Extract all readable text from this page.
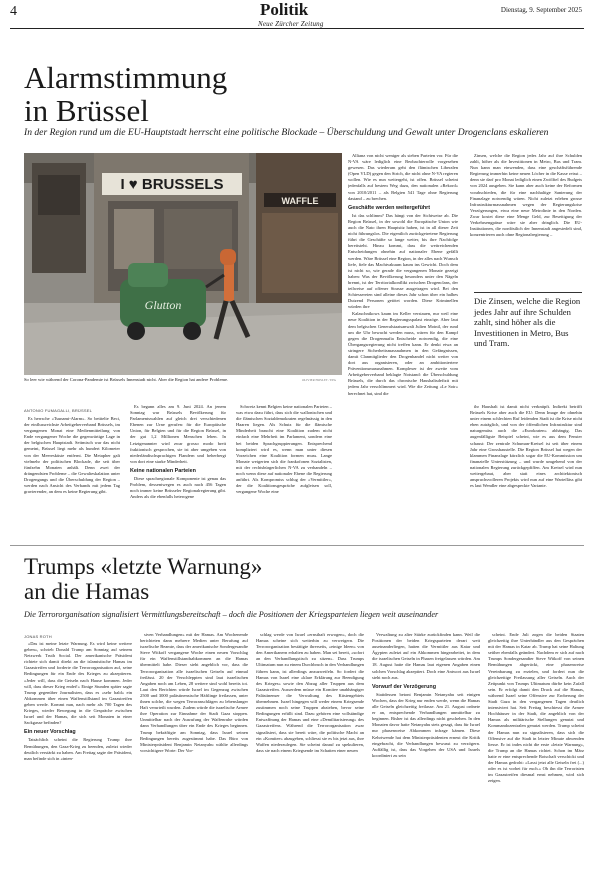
4	Politik
Neue Zürcher Zeitung
Dienstag, 9. September 2025
Alarmstimmung
in Brüssel
In der Region rund um die EU-Hauptstadt herrscht eine politische Blockade – Überschuldung und Gewalt unter Drogenclans eskalieren
I ♥ BRUSSELS
WAFFLE
Glutton
So leer wie während der Corona-Pandemie ist Brüssels Innenstadt nicht. Aber die Region hat andere Probleme.	OLIVIER HOSLET / EPA
ANTONIO FUMAGALLI, BRÜSSEL

Es herrsche «Tsunami-Alarm». So betitelte Beci, der einflussreichste Arbeitgeberverband Brüssels, im vergangenen Monat eine Medienmitteilung von Ende vergangener Woche die gegenwärtige Lage in der belgischen Hauptstadt. Seitmisch war das nicht gemeint, Brüssel liegt mehr als hundert Kilometer von der Meeresküste entfernt. Die Metapher galt vielmehr der politischen Blockade, die seit über fünfzehn Monaten anhält. Denn zwei der drängendsten Probleme – die Gewalteskalation unter Drogengangs und die Überschuldung der Region – werden nach Ansicht des Verbands mit jedem Tag gravierender, an dem es keine Regierung gibt.

Es begann alles am 9. Juni 2024. An jenem Sonntag war Brüssels Bevölkerung für Parlamentswahlen auf gleich drei verschiedenen Ebenen zur Urne gerufen: für die Europäische Union, für Belgien und für die Region Brüssel, in der gut 1,2 Millionen Menschen leben. In Letztgenannter wird zwar grosso modo breit fraktionisch gesprochen, sie ist aber umgeben von niederländischsprachigen Flandern und beherbergt von dort eine starke Minderheit.

Keine nationalen Parteien

Diese sprachregionale Komponente ist genau das Problem, dessentwegen es auch nach 456 Tagen noch immer keine Brüsseler Regionalregierung gibt. Anders als die ebenfalls heterogene

Schweiz kennt Belgien keine nationalen Parteien – was etwa dazu führt, dass sich die wallonischen und die flämischen Sozialdemokraten regelmässig in den Haaren liegen. Als Schutz für die flämische Minderheit braucht eine Koalition zudem nicht einfach eine Mehrheit im Parlament, sondern eine bei beiden Sprachgruppierungen. Entsprechend kompliziert wird es, wenn man unter diesen Vorzeichen eine Koalition formen muss. Lange Monate weigerten sich die frankofonen Sozialisten, mit der rechtsbürgerlichen N-VA zu verhandeln – noch wenn diese auf nationaler Ebene die Regierung anführt. Als Kompromiss schlug der «Vermittler», der die Koalitionsgespräche aufgleisen soll, vergangene Woche eine

Allianz von nicht weniger als sieben Parteien vor. Für die N-VA wäre lediglich eine Beobachterrolle vorgesehen gewesen. Das wiederum geht den flämischen Liberalen (Open VLD) gegen den Strich, die nicht ohne N-VA regieren wollen. Wie es nun weitergeht, ist offen. Brüssel scheint jedenfalls auf bestem Weg dazu, den nationalen «Rekord» von 2010/2011 – als Belgien 541 Tage ohne Regierung dastand – zu brechen.

Geschäfte werden weitergeführt

Ist das schlimm? Das hängt von der Sichtweise ab. Die Region Brüssel, in der sowohl die Europäische Union wie auch die Nato ihren Hauptsitz haben, ist in all dieser Zeit nicht führungslos. Die eigentlich zurückgetretene Regierung führt die Geschäfte so lange weiter, bis ihre Nachfolge bereitsteht. Hinzu kommt, dass die weitreichenden Entscheidungen ohnehin auf nationaler Ebene gefällt werden. Wäre Brüssel eine Region, in der alles nach Wunsch liefe, fiele das Machtvakuum kaum ins Gewicht. Doch dem ist nicht so, wie gerade die vergangenen Monate gezeigt haben: Was der Bevölkerung besonders unter den Nägeln brennt, ist der Territorialkonflikt zwischen Drogenclans, der teilweise auf offener Strasse ausgetragen wird. Bei den Schiessereien sind alleine dieses Jahr schon über ein halbes Dutzend Personen getötet worden. Diese Kriminellen würden ihre

Kalaschnikows kaum im Keller verstauen, nur weil eine neue Koalition in der Regierungsspalast einzöge. Aber laut dem belgischen Generalstaatsanwalt Julien Moinil, der rund um die Uhr bewacht werden muss, wären für den Kampf gegen die Drogenmafia Entscheide notwendig, die eine Übergangsregierung nicht treffen kann. Er denkt etwa an stringere Sicherheitsmassnahmen in den Gefängnissen, damit Clanmitglieder den Drogenhandel nicht weiter von dort aus organisieren, oder an ambitioniertere Präventionsmassnahmen. Komplexer ist der zweite vom Arbeitgeberverband beklagte Notstand: die Überschuldung Brüssels, die durch das chronische Haushaltsdefizit mit jedem Jahr verschlimmert wird. Wie die Zeitung «Le Soir» berechnet hat, sind die

Zinsen, welche die Region jedes Jahr auf ihre Schulden zahlt, höher als die Investitionen in Metro, Bus und Tram. Nun kann man einwenden, dass eine geschäftsführende Regierung immerhin keine neuen Löcher in die Kasse reisst – denn sie darf pro Monat lediglich einen Zwölftel des Budgets von 2024 ausgeben. Sie kann aber auch keine der Reformen vorabschieden, die für eine nachhaltige Sanierung der Finanzlage notwendig wären. Nicht zuletzt erleben grosse Infrastrukturmassnahmen wegen der Regierungskrise Verzögerungen, etwa eine neue Metrolinie in den Norden. Zwar kostet diese eine Menge Geld, zur Beseitigung der Verkehrsengpässe wäre sie aber dringlich. Die EU-Institutionen, die nordöstlich der Innenstadt angesiedelt sind, konzentrieren auch ohne Regionalregierung –

Die Zinsen, welche die Region jedes Jahr auf ihre Schulden zahlt, sind höher als die Investitionen in Metro, Bus und Tram.

ihr Haushalt ist damit nicht verknüpft. Indirekt betrifft Brüssels Krise aber auch die EU: Denn Image der ohnehin unter einem schlechten Ruf leidenden Stadt ist die Krise nicht eben zuträglich, und von der öffentlichen Infrastruktur sind naturgemäss auch die «Eurokraten» abhängig. Das augenfälligste Beispiel scheint, wie es aus dem Fenster schaust: Der zentrale Schuman-Kreisel ist seit über einem Jahr eine Grossbaustelle. Die Region Brüssel hat wegen der klammen Finanzlage kürzlich sogar die EU-Kommission um finanzielle Unterstützung – und wurde umgehend von der nationalen Regierung zurückgepfiffen. Am Kreisel wird nun weitergebaut, aber statt eines architektonisch anspruchsvolleren Projekts wird nun auf eine Wartefläss gibt es laut Wendler eine abgespeckte Variante.

Trumps «letzte Warnung»
an die Hamas
Die Terrororganisation signalisiert Vermittlungsbereitschaft – doch die Positionen der Kriegsparteien liegen weit auseinander
JONAS ROTH

«Das ist meine letzte Warnung. Es wird keine weitere geben», schrieb Donald Trump am Sonntag auf seinem Netzwerk Truth Social. Der amerikanische Präsident richtete sich damit direkt an die islamistische Hamas im Gazastreifen und forderte die Terrororganisation auf, seine Bedingungen für ein Ende des Krieges zu akzeptieren. «Jeder will, dass die Geiseln nach Hause kommen. Jeder will, dass dieser Krieg endet!» Einige Stunden später sagte Trump gegenüber Journalisten, dass es «sehr bald» ein Abkommen über einen Waffenstillstand im Gazastreifen geben werde. Kommt nun, nach mehr als 700 Tagen des Krieges, wieder Bewegung in die Gespräche zwischen Israel und der Hamas, die sich seit Monaten in einer Sackgasse befinden?

Ein neuer Vorschlag

Tatsächlich scheint die Regierung Trump ihre Bemühungen, den Gaza-Krieg zu beenden, zuletzt wieder deutlich verstärkt zu haben. Am Freitag sagte der Präsident, man befinde sich in «inten-

siven Verhandlungen» mit der Hamas. Am Wochenende berichteten dann mehrere Medien unter Berufung auf israelische Beamte, dass der amerikanische Sondergesandte Steve Witkoff vergangene Woche einen neuen Vorschlag für ein Waffenstillstandsabkommen an die Hamas übermittelt habe. Dieser sieht angeblich vor, dass die Terrororganisation alle israelischen Geiseln auf einmal freilässt. 20 der Verschleppten sind laut israelischen Angaben noch am Leben, 28 weitere sind wohl bereits tot. Laut den Berichten würde Israel im Gegenzug zwischen 2500 und 3000 palästinensische Häftlinge freilassen, unter ihnen solche, die wegen Terroranschlägen zu lebenslanger Haft verurteilt wurden. Zudem würde die israelische Armee ihre Operation zur Einnahme der Stadt Gaza stoppen. Unmittelbar nach der Ausrufung der Waffenruhe würden dann Verhandlungen über ein Ende des Krieges beginnen. Trump bekräftigte am Sonntag, dass Israel seinen Bedingungen bereits zugestimmt habe. Das Büro von Ministerpräsident Benjamin Netanyahu wählte allerdings vorsichtigere Worte: Der Vor-

schlag werde von Israel «ernsthaft erwogen», doch die Hamas scheine sich weiterhin zu verweigern. Die Terrororganisation bestätigte ihrerseits, «einige Ideen» von den Amerikanern erhalten zu haben. Man sei bereit, «sofort an den Verhandlungstisch zu sitzen». Dass Trumps Ultimatum nun zu einem Durchbruch in den Verhandlungen führen kann, ist allerdings anzuzweifeln. So fordert die Hamas von Israel eine «klare Erklärung zur Beendigung des Krieges» sowie den Abzug aller Truppen aus dem Gazastreifen. Ausserdem müsse ein Komitee unabhängiger Palästinenser die Verwaltung des Küstengebiets übernehmen. Israel hingegen will weder einem Kriegsende zustimmen noch seine Truppen abziehen, bevor seine Bedingungen erfüllt sind. Dazu gehören eine vollständige Entwaffnung der Hamas und eine «Demilitarisierung» des Gazastreifens. Während die Terrororganisation zwar signalisiert, dass sie bereit wäre, die politische Macht an ein «Komitee» abzugeben, schliesst sie es bis jetzt aus, ihre Waffen niederzulegen. Sie scheint darauf zu spekulieren, dass sie nach einem Kriegsende im Schatten einer neuen

Verwaltung zu alter Stärke zurückfinden kann. Weil die Positionen der beiden Kriegsparteien derart weit auseinanderliegen, hatten die Vermittler aus Katar und Ägypten zuletzt auf ein Abkommen hingearbeitet, in dem die israelischen Geiseln in Phasen freigelassen würden. Am 18. August hatte die Hamas laut eigenen Angaben einen solchen Vorschlag akzeptiert. Doch eine Antwort aus Israel steht noch aus.

Vorwurf der Verzögerung

Stattdessen betont Benjamin Netanyahu seit einigen Wochen, dass der Krieg nur enden werde, wenn die Hamas alle Geiseln gleichzeitig freilasse. Am 21. August ordnete er an, entsprechende Verhandlungen unmittelbar zu beginnen. Bisher ist das allerdings nicht geschehen. In den Monaten davor hatte Netanyahu stets gesagt, dass für Israel nur phasenweise Abkommen infrage kämen. Diese Kehrtwende hat dem Ministerpräsidenten erneut die Kritik eingebracht, die Verhandlungen bewusst zu verzögern. Auffällig ist, dass das Vorgehen der USA und Israels koordiniert zu sein

scheint. Ende Juli zogen die beiden Staaten gleichzeitig ihre Unterhändler aus den Gesprächen mit der Hamas in Katar ab. Trump hat seine Haltung seither ebenfalls geändert. Nachdem er sich auf nach Trumps Sondergesandter Steve Witkoff von seinen Bemühungen abgerückt, eine phasenweise Vereinbarung zu erzielen, und fordert nun die gleichzeitige Freilassung aller Geiseln. Auch der Zeitpunkt von Trumps Ultimatum dürfte kein Zufall sein. Er erfolgt damit den Druck auf die Hamas, während Israel seine Offensive zur Eroberung der Stadt Gaza in den vergangenen Tagen deutlich intensiviert hat. Seit Freitag beschiesst die Armee Hochhäuser in der Stadt, die angeblich von der Hamas als militärische Stellungen genutzt und Kommandozentralen genutzt werden. Trump scheint der Hamas nun zu signalisieren, dass sich die Offensive auf die Stadt in letzter Minute abwenden liesse. Er ist indes nicht die erste «letzte Warnung», die Trump an die Hamas richtet. Schon im März hatte er eine entsprechende Botschaft verschickt und der Hamas gedroht: «Lasst jetzt alle Geiseln frei (...) oder es ist vorbei für euch.» Ob ihn die Terroristen im Gazastreifen diesmal ernst nehmen, wird sich zeigen.
